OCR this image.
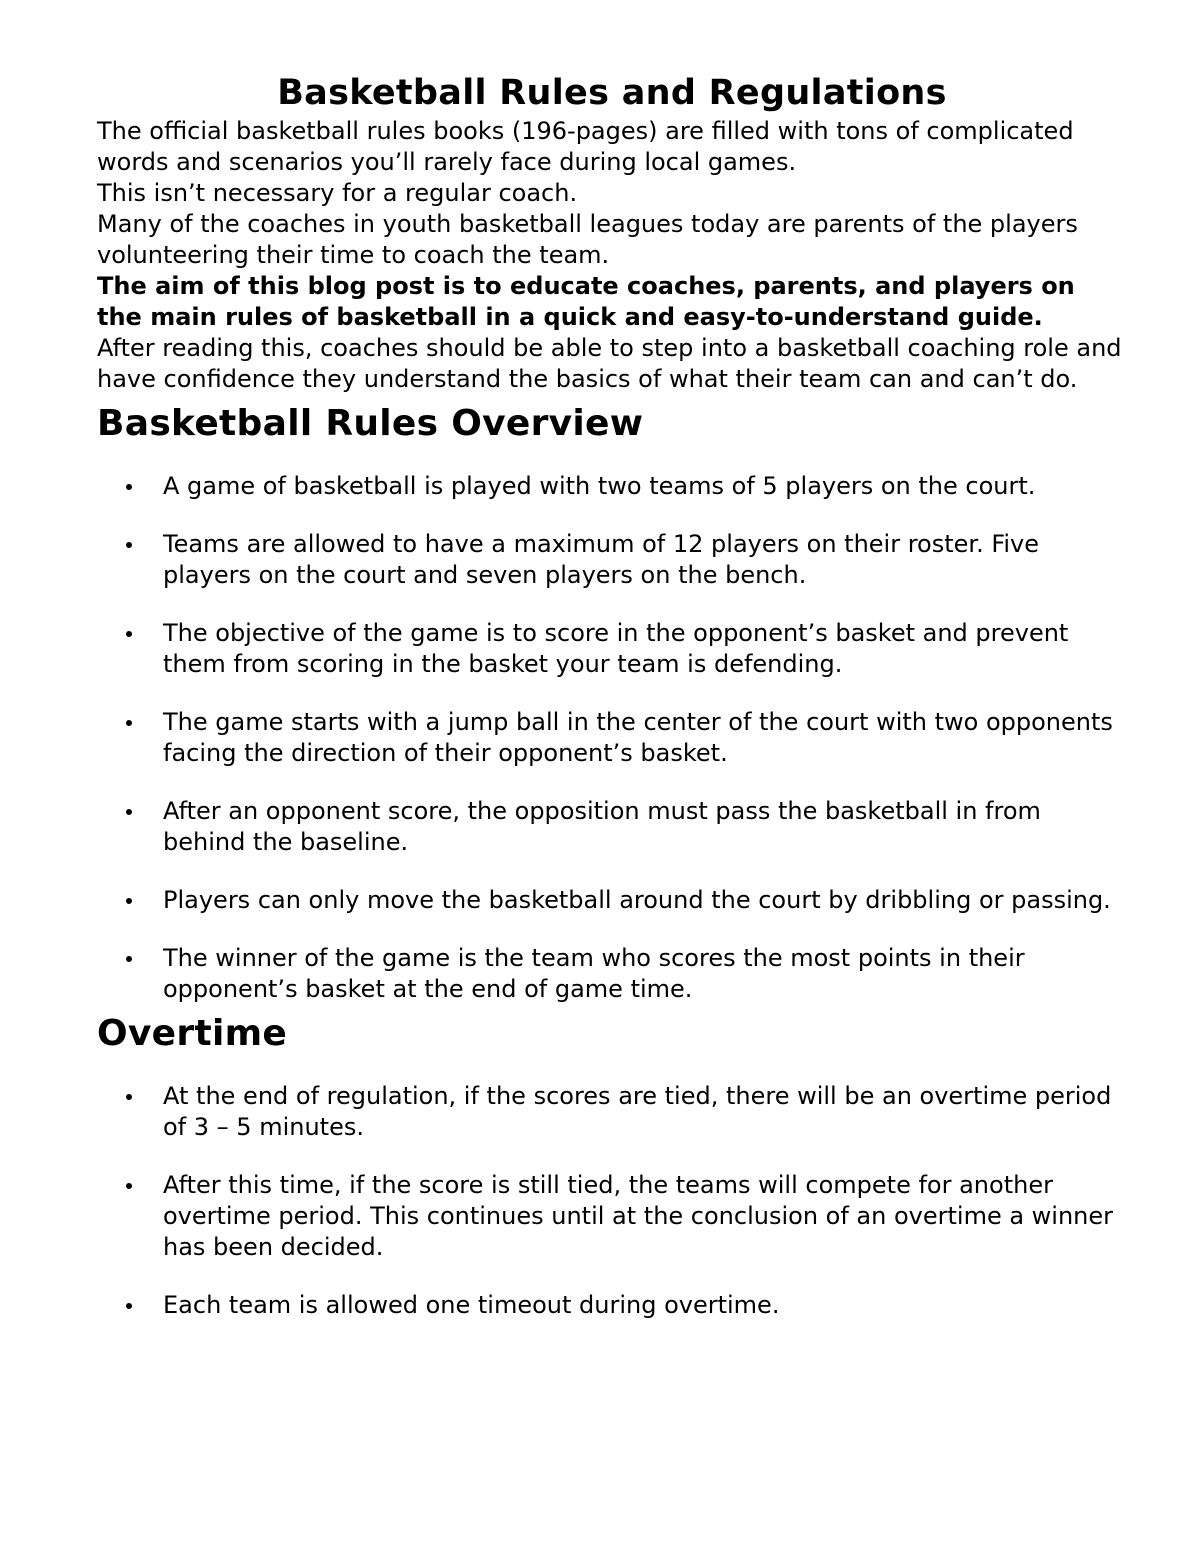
Basketball Rules and Regulations

The official basketball rules books (196-pages) are filled with tons of complicated words and scenarios you’ll rarely face during local games.

This isn’t necessary for a regular coach.

Many of the coaches in youth basketball leagues today are parents of the players volunteering their time to coach the team.

The aim of this blog post is to educate coaches, parents, and players on the main rules of basketball in a quick and easy-to-understand guide.

After reading this, coaches should be able to step into a basketball coaching role and have confidence they understand the basics of what their team can and can’t do.

Basketball Rules Overview
A game of basketball is played with two teams of 5 players on the court.
Teams are allowed to have a maximum of 12 players on their roster. Five players on the court and seven players on the bench.
The objective of the game is to score in the opponent’s basket and prevent them from scoring in the basket your team is defending.
The game starts with a jump ball in the center of the court with two opponents facing the direction of their opponent’s basket.
After an opponent score, the opposition must pass the basketball in from behind the baseline.
Players can only move the basketball around the court by dribbling or passing.
The winner of the game is the team who scores the most points in their opponent’s basket at the end of game time.
Overtime
At the end of regulation, if the scores are tied, there will be an overtime period of 3 – 5 minutes.
After this time, if the score is still tied, the teams will compete for another overtime period. This continues until at the conclusion of an overtime a winner has been decided.
Each team is allowed one timeout during overtime.
